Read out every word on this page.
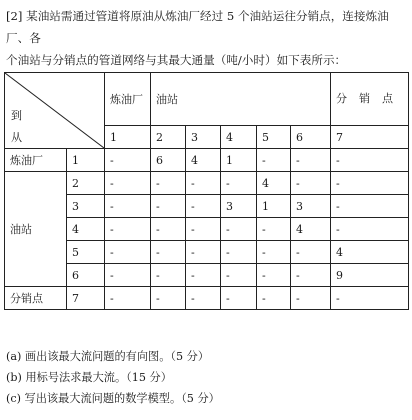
[2] 某油站需通过管道将原油从炼油厂经过 5 个油站运往分销点，连接炼油厂、各
个油站与分销点的管道网络与其最大通量（吨/小时）如下表所示：

到
从		炼油厂	油站					分销点
		1	2	3	4	5	6	7
炼油厂	1	-	6	4	1	-	-	-
油站	2	-	-	-	-	4	-	-
	3	-	-	-	3	1	3	-
	4	-	-	-	-	-	4	-
	5	-	-	-	-	-	-	4
	6	-	-	-	-	-	-	9
分销点	7	-	-	-	-	-	-	-
(a) 画出该最大流问题的有向图。（5 分）
(b) 用标号法求最大流。（15 分）
(c) 写出该最大流问题的数学模型。（5 分）
